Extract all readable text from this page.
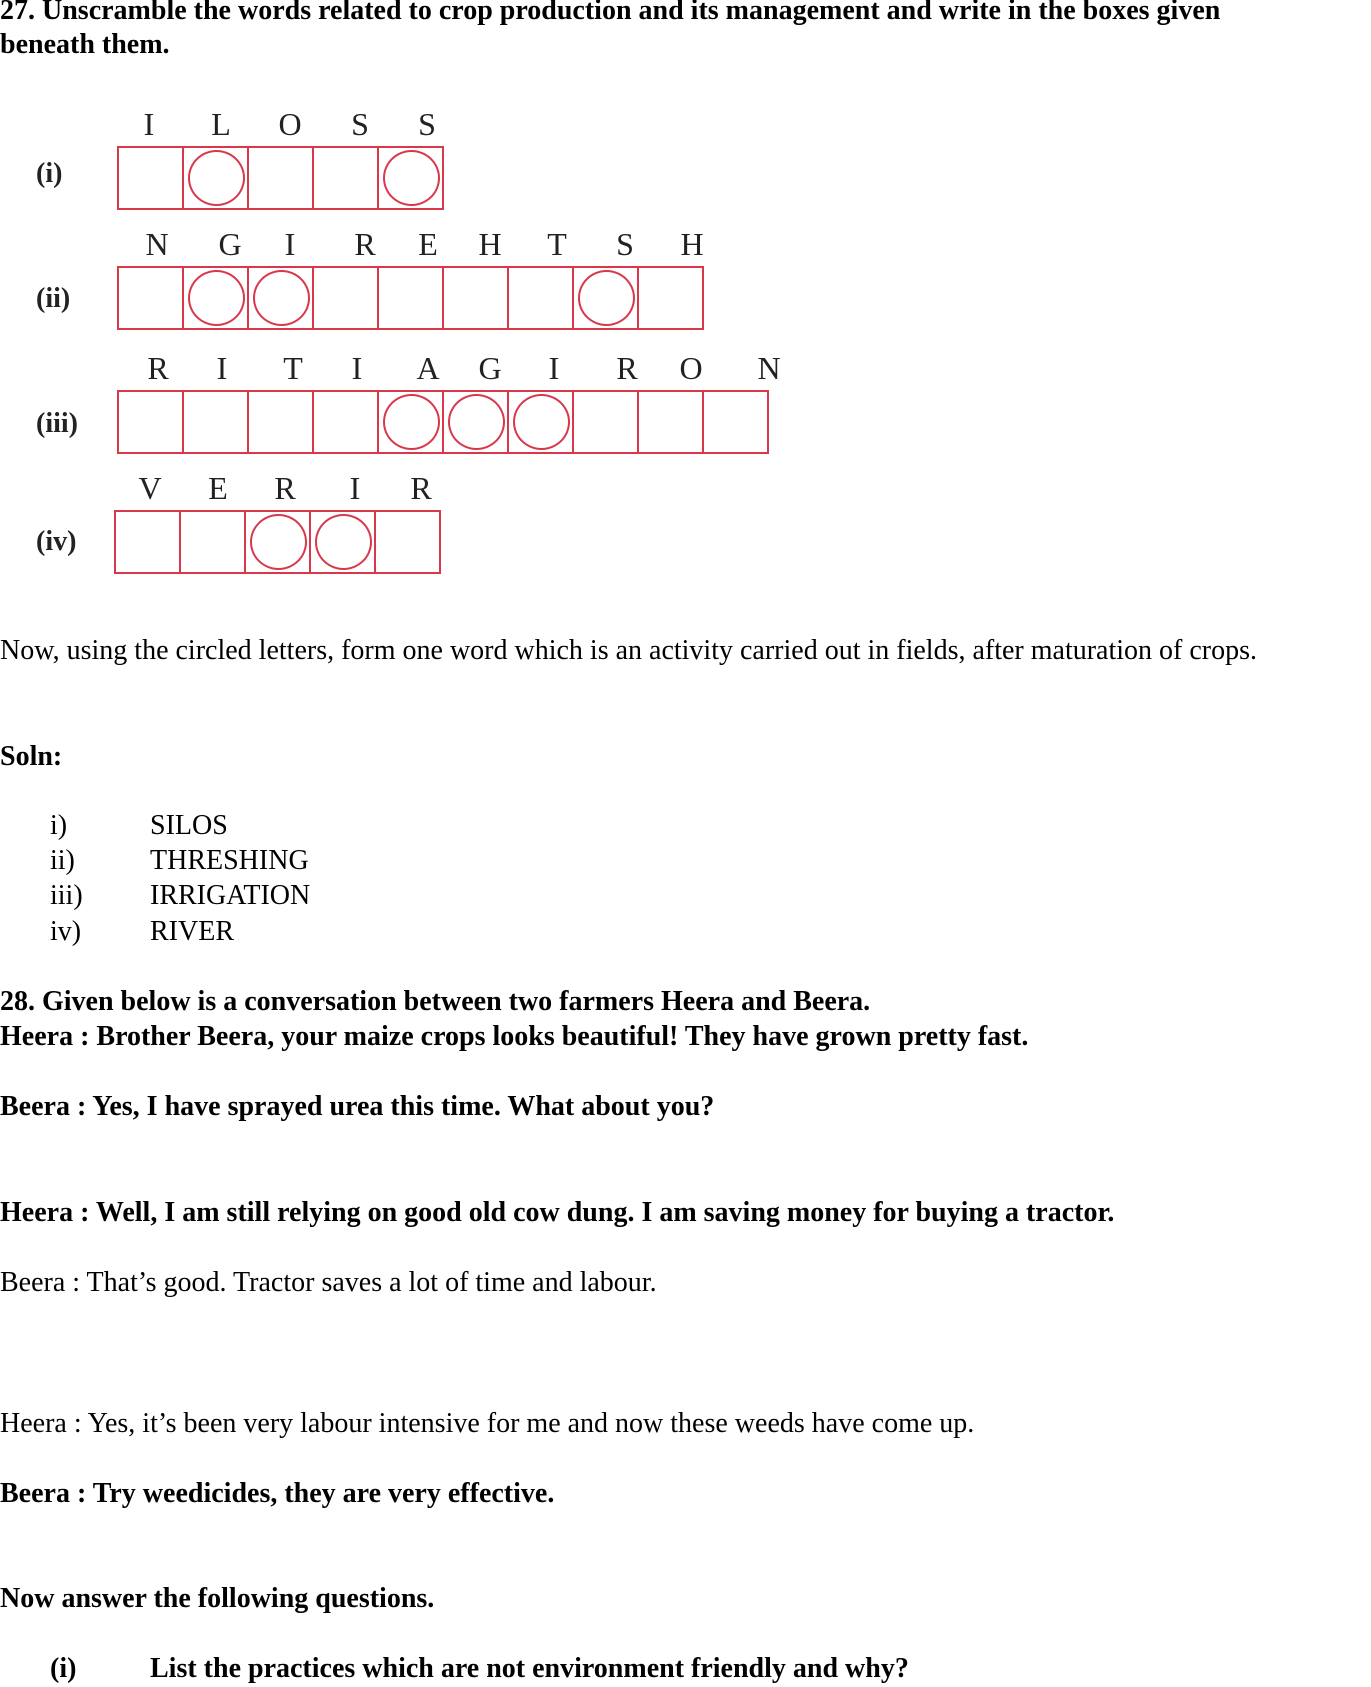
27. Unscramble the words related to crop production and its management and write in the boxes given
beneath them.
(i)
I	L	O	S	S
(ii)
N G	I	R	E	H	T	S	H
(iii)
R	I	T	I	A G	I	R O N
(iv)
V	E	R	I	R
Now, using the circled letters, form one word which is an activity carried out in fields, after maturation of crops.
Soln:
i)	SILOS
ii)	THRESHING
iii) IRRIGATION
iv) RIVER
28. Given below is a conversation between two farmers Heera and Beera.
Heera : Brother Beera, your maize crops looks beautiful! They have grown pretty fast.
Beera : Yes, I have sprayed urea this time. What about you?
Heera : Well, I am still relying on good old cow dung. I am saving money for buying a tractor.
Beera : That’s good. Tractor saves a lot of time and labour.
Heera : Yes, it’s been very labour intensive for me and now these weeds have come up.
Beera : Try weedicides, they are very effective.
Now answer the following questions.
(i)	List the practices which are not environment friendly and why?
